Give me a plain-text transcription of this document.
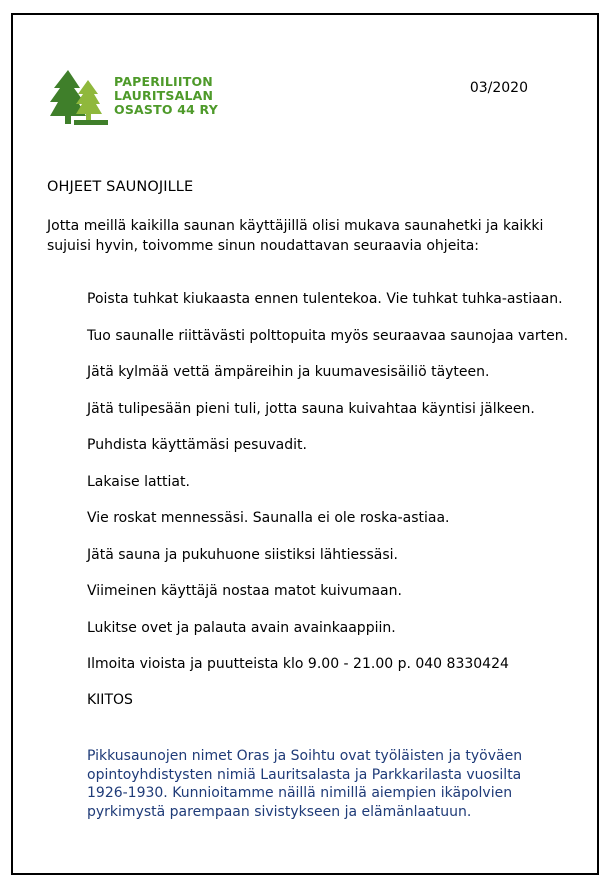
PAPERILIITON
LAURITSALAN
OSASTO 44 RY
03/2020
OHJEET SAUNOJILLE
Jotta meillä kaikilla saunan käyttäjillä olisi mukava saunahetki ja kaikki sujuisi hyvin, toivomme sinun noudattavan seuraavia ohjeita:
Poista tuhkat kiukaasta ennen tulentekoa. Vie tuhkat tuhka-astiaan.
Tuo saunalle riittävästi polttopuita myös seuraavaa saunojaa varten.
Jätä kylmää vettä ämpäreihin ja kuumavesisäiliö täyteen.
Jätä tulipesään pieni tuli, jotta sauna kuivahtaa käyntisi jälkeen.
Puhdista käyttämäsi pesuvadit.
Lakaise lattiat.
Vie roskat mennessäsi. Saunalla ei ole roska-astiaa.
Jätä sauna ja pukuhuone siistiksi lähtiessäsi.
Viimeinen käyttäjä nostaa matot kuivumaan.
Lukitse ovet ja palauta avain avainkaappiin.
Ilmoita vioista ja puutteista klo 9.00 - 21.00 p. 040 8330424
KIITOS
Pikkusaunojen nimet Oras ja Soihtu ovat työläisten ja työväen opintoyhdistysten nimiä Lauritsalasta ja Parkkarilasta vuosilta 1926-1930. Kunnioitamme näillä nimillä aiempien ikäpolvien pyrkimystä parempaan sivistykseen ja elämänlaatuun.
